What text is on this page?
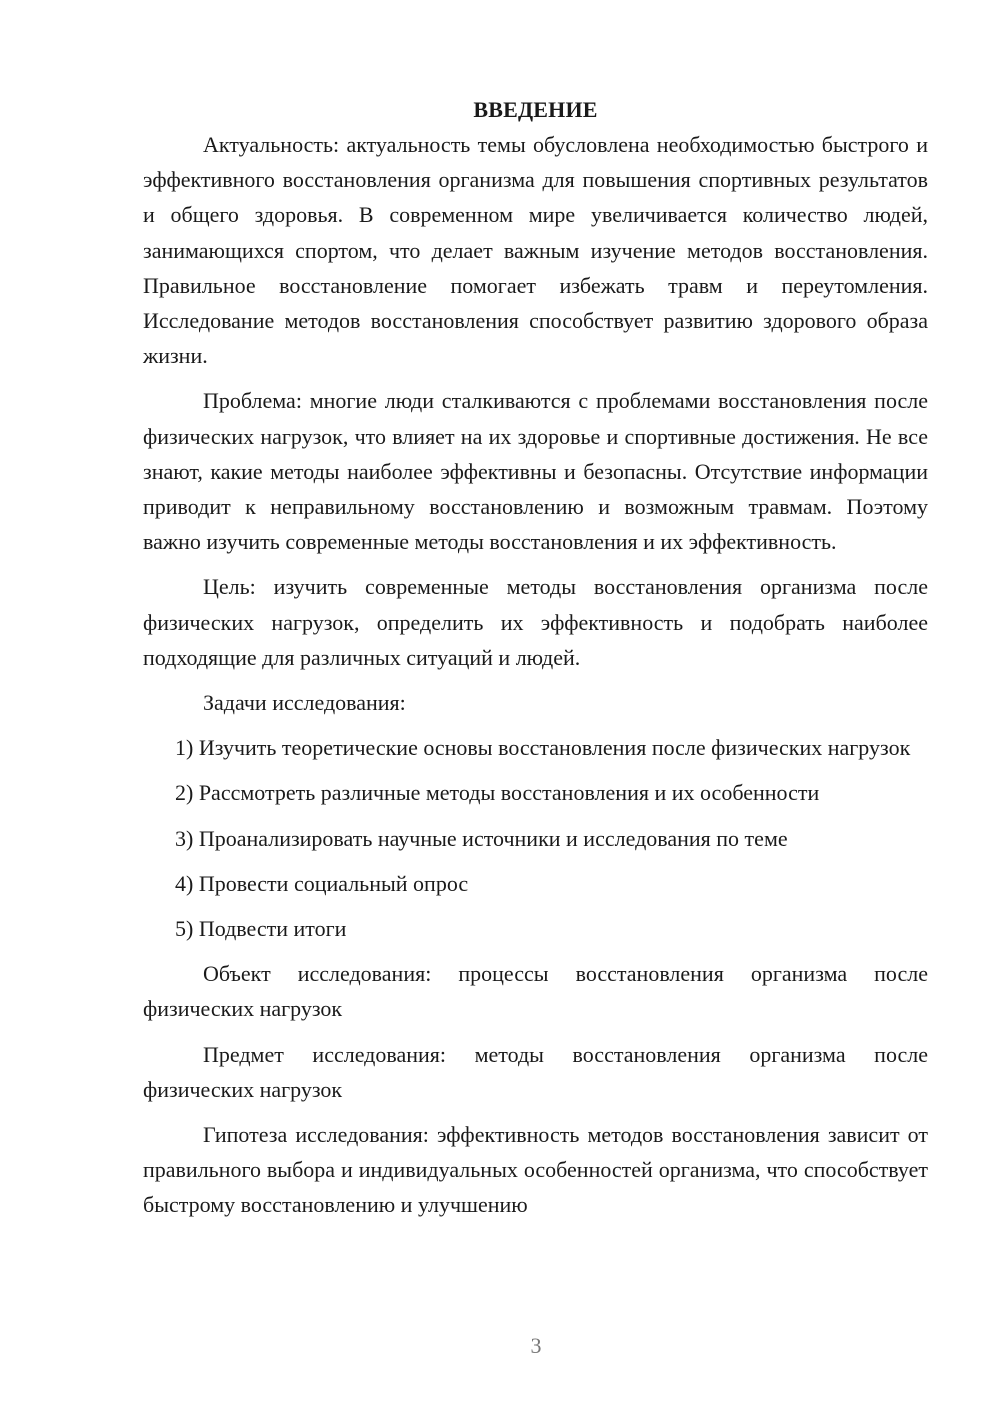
ВВЕДЕНИЕ

Актуальность: актуальность темы обусловлена необходимостью быстрого и эффективного восстановления организма для повышения спортивных результатов и общего здоровья. В современном мире увеличивается количество людей, занимающихся спортом, что делает важным изучение методов восстановления. Правильное восстановление помогает избежать травм и переутомления. Исследование методов восстановления способствует развитию здорового образа жизни.

Проблема: многие люди сталкиваются с проблемами восстановления после физических нагрузок, что влияет на их здоровье и спортивные достижения. Не все знают, какие методы наиболее эффективны и безопасны. Отсутствие информации приводит к неправильному восстановлению и возможным травмам. Поэтому важно изучить современные методы восстановления и их эффективность.

Цель: изучить современные методы восстановления организма после физических нагрузок, определить их эффективность и подобрать наиболее подходящие для различных ситуаций и людей.

Задачи исследования:

1) Изучить теоретические основы восстановления после физических нагрузок

2) Рассмотреть различные методы восстановления и их особенности

3) Проанализировать научные источники и исследования по теме

4) Провести социальный опрос

5) Подвести итоги

Объект исследования: процессы восстановления организма после физических нагрузок

Предмет исследования: методы восстановления организма после физических нагрузок

Гипотеза исследования: эффективность методов восстановления зависит от правильного выбора и индивидуальных особенностей организма, что способствует быстрому восстановлению и улучшению

3
